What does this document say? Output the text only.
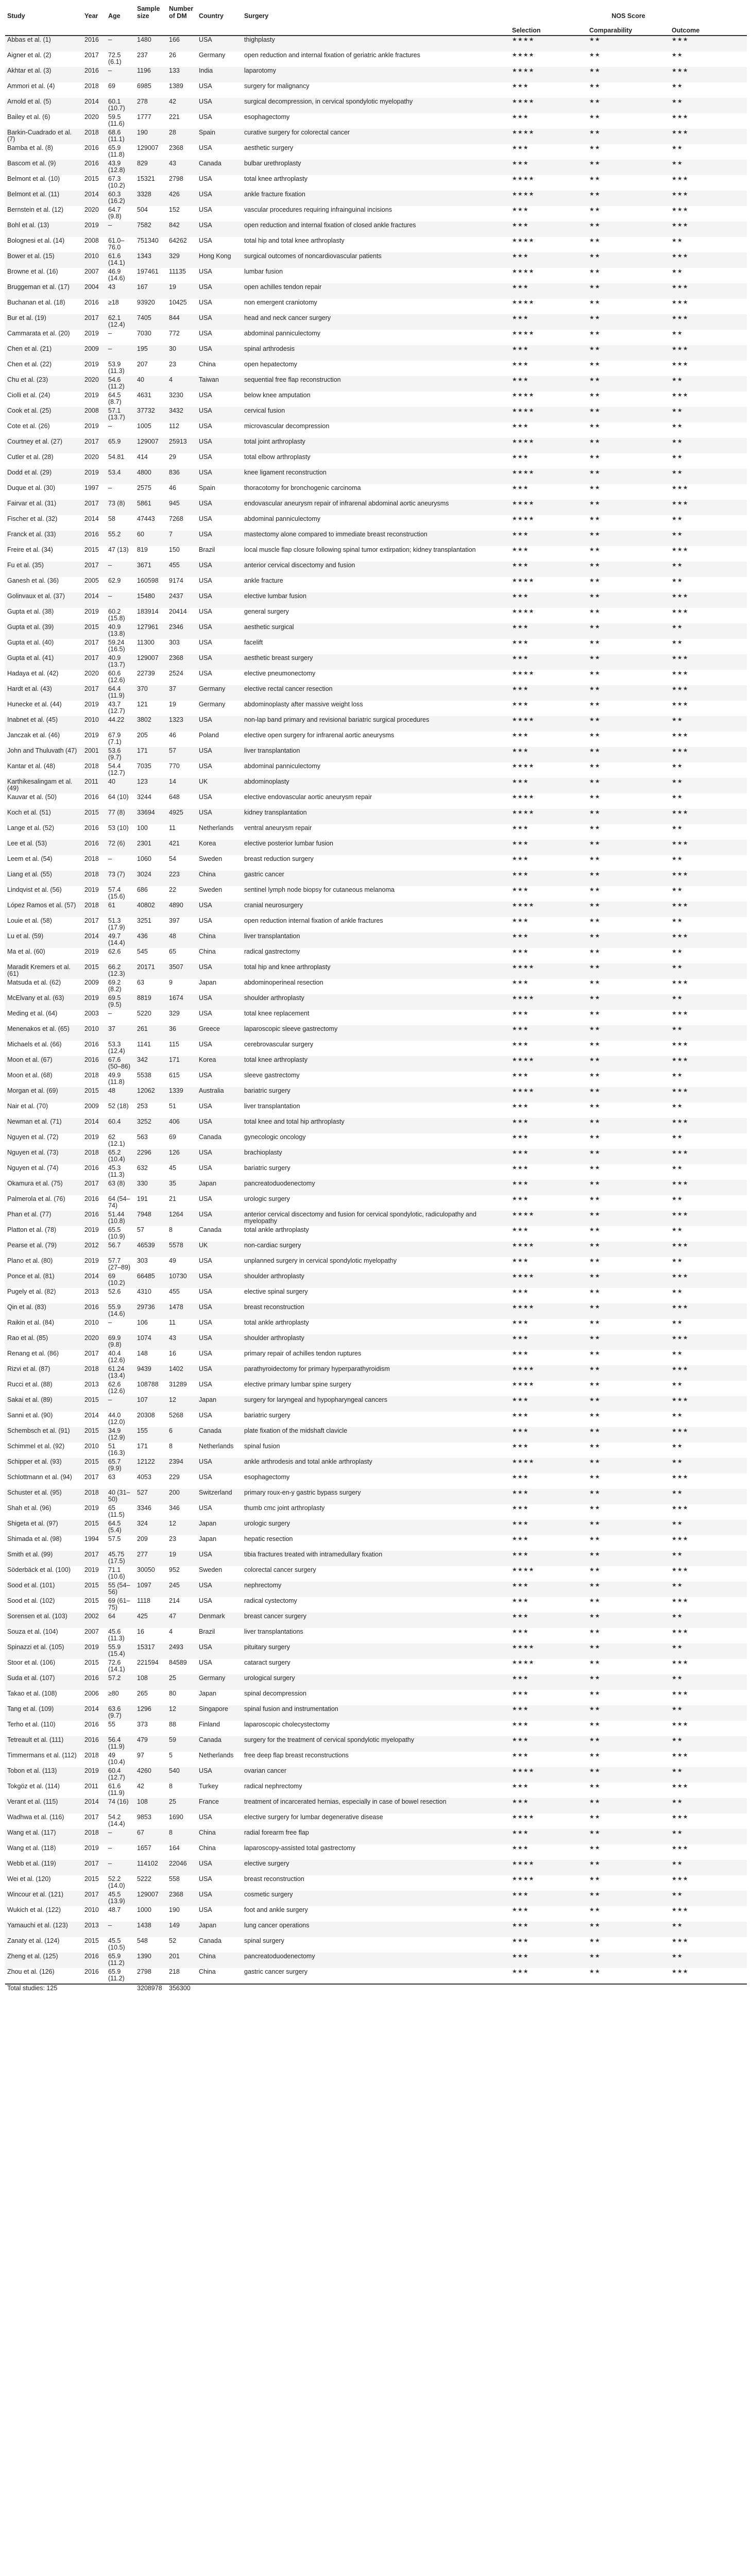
Study	Year	Age	Sample size	Number of DM	Country	Surgery	NOS Score		
							Selection	Comparability	Outcome
Abbas et al. (1)	2016	–	1480	166	USA	thighplasty	★★★★	★★	★★★
Aigner et al. (2)	2017	72.5 (6.1)	237	26	Germany	open reduction and internal fixation of geriatric ankle fractures	★★★★	★★	★★
Akhtar et al. (3)	2016	–	1196	133	India	laparotomy	★★★★	★★	★★★
Ammori et al. (4)	2018	69	6985	1389	USA	surgery for malignancy	★★★	★★	★★
Arnold et al. (5)	2014	60.1 (10.7)	278	42	USA	surgical decompression, in cervical spondylotic myelopathy	★★★★	★★	★★
Bailey et al. (6)	2020	59.5 (11.6)	1777	221	USA	esophagectomy	★★★	★★	★★★
Barkin-Cuadrado et al. (7)	2018	68.6 (11.1)	190	28	Spain	curative surgery for colorectal cancer	★★★★	★★	★★★
Bamba et al. (8)	2016	65.9 (11.8)	129007	2368	USA	aesthetic surgery	★★★	★★	★★
Bascom et al. (9)	2016	43.9 (12.8)	829	43	Canada	bulbar urethroplasty	★★★	★★	★★
Belmont et al. (10)	2015	67.3 (10.2)	15321	2798	USA	total knee arthroplasty	★★★★	★★	★★★
Belmont et al. (11)	2014	60.3 (16.2)	3328	426	USA	ankle fracture fixation	★★★★	★★	★★★
Bernstein et al. (12)	2020	64.7 (9.8)	504	152	USA	vascular procedures requiring infrainguinal incisions	★★★	★★	★★★
Bohl et al. (13)	2019	–	7582	842	USA	open reduction and internal fixation of closed ankle fractures	★★★	★★	★★★
Bolognesi et al. (14)	2008	61.0–76.0	751340	64262	USA	total hip and total knee arthroplasty	★★★★	★★	★★
Bower et al. (15)	2010	61.6 (14.1)	1343	329	Hong Kong	surgical outcomes of noncardiovascular patients	★★★	★★	★★★
Browne et al. (16)	2007	46.9 (14.6)	197461	11135	USA	lumbar fusion	★★★★	★★	★★
Bruggeman et al. (17)	2004	43	167	19	USA	open achilles tendon repair	★★★	★★	★★★
Buchanan et al. (18)	2016	≥18	93920	10425	USA	non emergent craniotomy	★★★★	★★	★★★
Bur et al. (19)	2017	62.1 (12.4)	7405	844	USA	head and neck cancer surgery	★★★	★★	★★★
Cammarata et al. (20)	2019	–	7030	772	USA	abdominal panniculectomy	★★★★	★★	★★
Chen et al. (21)	2009	–	195	30	USA	spinal arthrodesis	★★★	★★	★★★
Chen et al. (22)	2019	53.9 (11.3)	207	23	China	open hepatectomy	★★★	★★	★★★
Chu et al. (23)	2020	54.6 (11.2)	40	4	Taiwan	sequential free flap reconstruction	★★★	★★	★★
Ciolli et al. (24)	2019	64.5 (8.7)	4631	3230	USA	below knee amputation	★★★★	★★	★★★
Cook et al. (25)	2008	57.1 (13.7)	37732	3432	USA	cervical fusion	★★★★	★★	★★
Cote et al. (26)	2019	–	1005	112	USA	microvascular decompression	★★★	★★	★★
Courtney et al. (27)	2017	65.9	129007	25913	USA	total joint arthroplasty	★★★★	★★	★★
Cutler et al. (28)	2020	54.81	414	29	USA	total elbow arthroplasty	★★★	★★	★★
Dodd et al. (29)	2019	53.4	4800	836	USA	knee ligament reconstruction	★★★★	★★	★★
Duque et al. (30)	1997	–	2575	46	Spain	thoracotomy for bronchogenic carcinoma	★★★	★★	★★★
Fairvar et al. (31)	2017	73 (8)	5861	945	USA	endovascular aneurysm repair of infrarenal abdominal aortic aneurysms	★★★★	★★	★★★
Fischer et al. (32)	2014	58	47443	7268	USA	abdominal panniculectomy	★★★★	★★	★★
Franck et al. (33)	2016	55.2	60	7	USA	mastectomy alone compared to immediate breast reconstruction	★★★	★★	★★
Freire et al. (34)	2015	47 (13)	819	150	Brazil	local muscle flap closure following spinal tumor extirpation; kidney transplantation	★★★	★★	★★★
Fu et al. (35)	2017	–	3671	455	USA	anterior cervical discectomy and fusion	★★★	★★	★★
Ganesh et al. (36)	2005	62.9	160598	9174	USA	ankle fracture	★★★★	★★	★★
Golinvaux et al. (37)	2014	–	15480	2437	USA	elective lumbar fusion	★★★	★★	★★★
Gupta et al. (38)	2019	60.2 (15.8)	183914	20414	USA	general surgery	★★★★	★★	★★★
Gupta et al. (39)	2015	40.9 (13.8)	127961	2346	USA	aesthetic surgical	★★★	★★	★★
Gupta et al. (40)	2017	59.24 (16.5)	11300	303	USA	facelift	★★★	★★	★★
Gupta et al. (41)	2017	40.9 (13.7)	129007	2368	USA	aesthetic breast surgery	★★★	★★	★★★
Hadaya et al. (42)	2020	60.6 (12.6)	22739	2524	USA	elective pneumonectomy	★★★★	★★	★★★
Hardt et al. (43)	2017	64.4 (11.9)	370	37	Germany	elective rectal cancer resection	★★★	★★	★★★
Hunecke et al. (44)	2019	43.7 (12.7)	121	19	Germany	abdominoplasty after massive weight loss	★★★	★★	★★★
Inabnet et al. (45)	2010	44.22	3802	1323	USA	non-lap band primary and revisional bariatric surgical procedures	★★★★	★★	★★
Janczak et al. (46)	2019	67.9 (7.1)	205	46	Poland	elective open surgery for infrarenal aortic aneurysms	★★★	★★	★★★
John and Thuluvath (47)	2001	53.6 (9.7)	171	57	USA	liver transplantation	★★★	★★	★★★
Kantar et al. (48)	2018	54.4 (12.7)	7035	770	USA	abdominal panniculectomy	★★★★	★★	★★
Karthikesalingam et al. (49)	2011	40	123	14	UK	abdominoplasty	★★★	★★	★★
Kauvar et al. (50)	2016	64 (10)	3244	648	USA	elective endovascular aortic aneurysm repair	★★★★	★★	★★
Koch et al. (51)	2015	77 (8)	33694	4925	USA	kidney transplantation	★★★★	★★	★★★
Lange et al. (52)	2016	53 (10)	100	11	Netherlands	ventral aneurysm repair	★★★	★★	★★
Lee et al. (53)	2016	72 (6)	2301	421	Korea	elective posterior lumbar fusion	★★★	★★	★★★
Leem et al. (54)	2018	–	1060	54	Sweden	breast reduction surgery	★★★	★★	★★
Liang et al. (55)	2018	73 (7)	3024	223	China	gastric cancer	★★★	★★	★★★
Lindqvist et al. (56)	2019	57.4 (15.6)	686	22	Sweden	sentinel lymph node biopsy for cutaneous melanoma	★★★	★★	★★
López Ramos et al. (57)	2018	61	40802	4890	USA	cranial neurosurgery	★★★★	★★	★★★
Louie et al. (58)	2017	51.3 (17.9)	3251	397	USA	open reduction internal fixation of ankle fractures	★★★	★★	★★
Lu et al. (59)	2014	49.7 (14.4)	436	48	China	liver transplantation	★★★	★★	★★★
Ma et al. (60)	2019	62.6	545	65	China	radical gastrectomy	★★★	★★	★★
Maradit Kremers et al. (61)	2015	66.2 (12.3)	20171	3507	USA	total hip and knee arthroplasty	★★★★	★★	★★
Matsuda et al. (62)	2009	69.2 (8.2)	63	9	Japan	abdominoperineal resection	★★★	★★	★★★
McElvany et al. (63)	2019	69.5 (9.5)	8819	1674	USA	shoulder arthroplasty	★★★★	★★	★★
Meding et al. (64)	2003	–	5220	329	USA	total knee replacement	★★★	★★	★★★
Menenakos et al. (65)	2010	37	261	36	Greece	laparoscopic sleeve gastrectomy	★★★	★★	★★
Michaels et al. (66)	2016	53.3 (12.4)	1141	115	USA	cerebrovascular surgery	★★★	★★	★★★
Moon et al. (67)	2016	67.6 (50–86)	342	171	Korea	total knee arthroplasty	★★★★	★★	★★★
Moon et al. (68)	2018	49.9 (11.8)	5538	615	USA	sleeve gastrectomy	★★★	★★	★★
Morgan et al. (69)	2015	48	12062	1339	Australia	bariatric surgery	★★★★	★★	★★★
Nair et al. (70)	2009	52 (18)	253	51	USA	liver transplantation	★★★	★★	★★
Newman et al. (71)	2014	60.4	3252	406	USA	total knee and total hip arthroplasty	★★★	★★	★★★
Nguyen et al. (72)	2019	62 (12.1)	563	69	Canada	gynecologic oncology	★★★	★★	★★
Nguyen et al. (73)	2018	65.2 (10.4)	2296	126	USA	brachioplasty	★★★	★★	★★★
Nguyen et al. (74)	2016	45.3 (11.3)	632	45	USA	bariatric surgery	★★★	★★	★★
Okamura et al. (75)	2017	63 (8)	330	35	Japan	pancreatoduodenectomy	★★★	★★	★★★
Palmerola et al. (76)	2016	64 (54–74)	191	21	USA	urologic surgery	★★★	★★	★★
Phan et al. (77)	2016	51.44 (10.8)	7948	1264	USA	anterior cervical discectomy and fusion for cervical spondylotic, radiculopathy and myelopathy	★★★★	★★	★★★
Platton et al. (78)	2019	65.5 (10.9)	57	8	Canada	total ankle arthroplasty	★★★	★★	★★
Pearse et al. (79)	2012	56.7	46539	5578	UK	non-cardiac surgery	★★★★	★★	★★★
Plano et al. (80)	2019	57.7 (27–89)	303	49	USA	unplanned surgery in cervical spondylotic myelopathy	★★★	★★	★★
Ponce et al. (81)	2014	69 (10.2)	66485	10730	USA	shoulder arthroplasty	★★★★	★★	★★★
Pugely et al. (82)	2013	52.6	4310	455	USA	elective spinal surgery	★★★	★★	★★
Qin et al. (83)	2016	55.9 (14.6)	29736	1478	USA	breast reconstruction	★★★★	★★	★★★
Raikin et al. (84)	2010	–	106	11	USA	total ankle arthroplasty	★★★	★★	★★
Rao et al. (85)	2020	69.9 (9.8)	1074	43	USA	shoulder arthroplasty	★★★	★★	★★★
Renang et al. (86)	2017	40.4 (12.6)	148	16	USA	primary repair of achilles tendon ruptures	★★★	★★	★★
Rizvi et al. (87)	2018	61.24 (13.4)	9439	1402	USA	parathyroidectomy for primary hyperparathyroidism	★★★★	★★	★★★
Rucci et al. (88)	2013	62.6 (12.6)	108788	31289	USA	elective primary lumbar spine surgery	★★★★	★★	★★
Sakai et al. (89)	2015	–	107	12	Japan	surgery for laryngeal and hypopharyngeal cancers	★★★	★★	★★★
Sanni et al. (90)	2014	44.0 (12.0)	20308	5268	USA	bariatric surgery	★★★	★★	★★
Schembsch et al. (91)	2015	34.9 (12.9)	155	6	Canada	plate fixation of the midshaft clavicle	★★★	★★	★★★
Schimmel et al. (92)	2010	51 (16.3)	171	8	Netherlands	spinal fusion	★★★	★★	★★
Schipper et al. (93)	2015	65.7 (9.9)	12122	2394	USA	ankle arthrodesis and total ankle arthroplasty	★★★★	★★	★★
Schlottmann et al. (94)	2017	63	4053	229	USA	esophagectomy	★★★	★★	★★★
Schuster et al. (95)	2018	40 (31–50)	527	200	Switzerland	primary roux-en-y gastric bypass surgery	★★★	★★	★★
Shah et al. (96)	2019	65 (11.5)	3346	346	USA	thumb cmc joint arthroplasty	★★★	★★	★★★
Shigeta et al. (97)	2015	64.5 (5.4)	324	12	Japan	urologic surgery	★★★	★★	★★
Shimada et al. (98)	1994	57.5	209	23	Japan	hepatic resection	★★★	★★	★★★
Smith et al. (99)	2017	45.75 (17.5)	277	19	USA	tibia fractures treated with intramedullary fixation	★★★	★★	★★
Söderbäck et al. (100)	2019	71.1 (10.6)	30050	952	Sweden	colorectal cancer surgery	★★★★	★★	★★★
Sood et al. (101)	2015	55 (54–56)	1097	245	USA	nephrectomy	★★★	★★	★★
Sood et al. (102)	2015	69 (61–75)	1118	214	USA	radical cystectomy	★★★	★★	★★★
Sorensen et al. (103)	2002	64	425	47	Denmark	breast cancer surgery	★★★	★★	★★
Souza et al. (104)	2007	45.6 (11.3)	16	4	Brazil	liver transplantations	★★★	★★	★★★
Spinazzi et al. (105)	2019	55.9 (15.4)	15317	2493	USA	pituitary surgery	★★★★	★★	★★
Stoor et al. (106)	2015	72.6 (14.1)	221594	84589	USA	cataract surgery	★★★★	★★	★★★
Suda et al. (107)	2016	57.2	108	25	Germany	urological surgery	★★★	★★	★★
Takao et al. (108)	2006	≥80	265	80	Japan	spinal decompression	★★★	★★	★★★
Tang et al. (109)	2014	63.6 (9.7)	1296	12	Singapore	spinal fusion and instrumentation	★★★	★★	★★
Terho et al. (110)	2016	55	373	88	Finland	laparoscopic cholecystectomy	★★★	★★	★★★
Tetreault et al. (111)	2016	56.4 (11.9)	479	59	Canada	surgery for the treatment of cervical spondylotic myelopathy	★★★	★★	★★
Timmermans et al. (112)	2018	49 (10.4)	97	5	Netherlands	free deep flap breast reconstructions	★★★	★★	★★★
Tobon et al. (113)	2019	60.4 (12.7)	4260	540	USA	ovarian cancer	★★★★	★★	★★
Tokgöz et al. (114)	2011	61.6 (11.9)	42	8	Turkey	radical nephrectomy	★★★	★★	★★★
Verant et al. (115)	2014	74 (16)	108	25	France	treatment of incarcerated hernias, especially in case of bowel resection	★★★	★★	★★
Wadhwa et al. (116)	2017	54.2 (14.4)	9853	1690	USA	elective surgery for lumbar degenerative disease	★★★★	★★	★★★
Wang et al. (117)	2018	–	67	8	China	radial forearm free flap	★★★	★★	★★
Wang et al. (118)	2019	–	1657	164	China	laparoscopy-assisted total gastrectomy	★★★	★★	★★★
Webb et al. (119)	2017	–	114102	22046	USA	elective surgery	★★★★	★★	★★
Wei et al. (120)	2015	52.2 (14.0)	5222	558	USA	breast reconstruction	★★★★	★★	★★★
Wincour et al. (121)	2017	45.5 (13.9)	129007	2368	USA	cosmetic surgery	★★★	★★	★★
Wukich et al. (122)	2010	48.7	1000	190	USA	foot and ankle surgery	★★★	★★	★★★
Yamauchi et al. (123)	2013	–	1438	149	Japan	lung cancer operations	★★★	★★	★★
Zanaty et al. (124)	2015	45.5 (10.5)	548	52	Canada	spinal surgery	★★★	★★	★★★
Zheng et al. (125)	2016	65.9 (11.2)	1390	201	China	pancreatoduodenectomy	★★★	★★	★★
Zhou et al. (126)	2016	65.9 (11.2)	2798	218	China	gastric cancer surgery	★★★	★★	★★★
Total studies: 125			3208978	356300					
